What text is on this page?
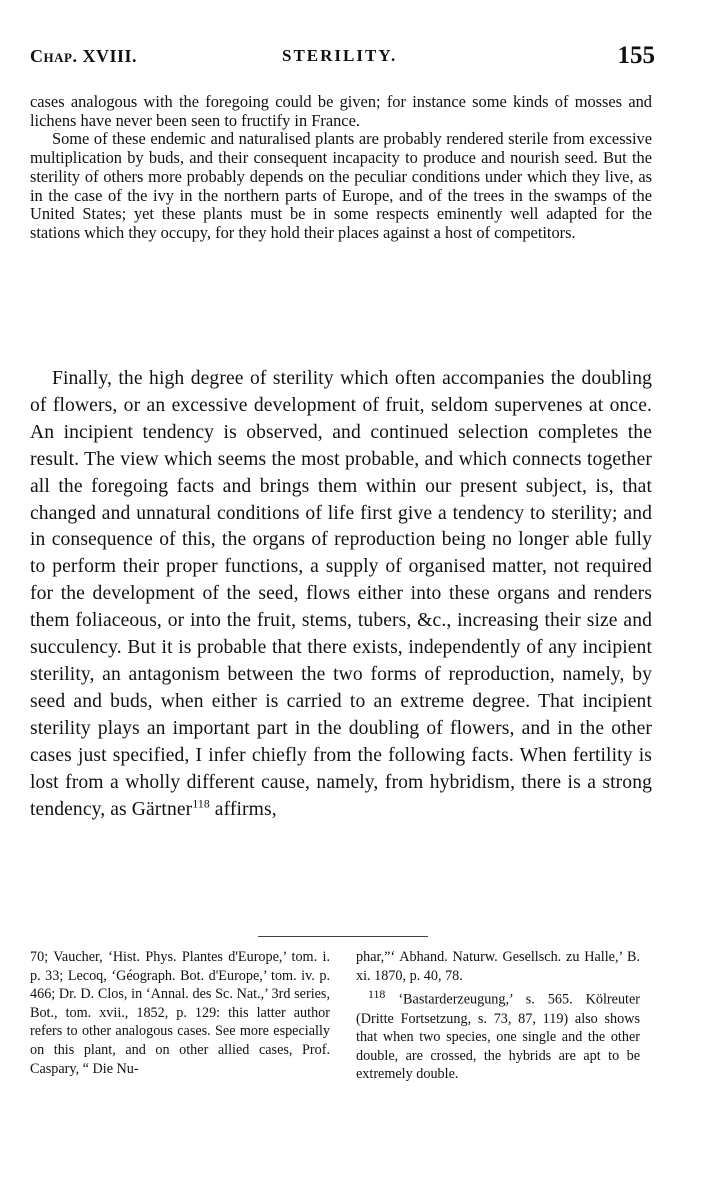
Chap. XVIII.	STERILITY.	155

cases analogous with the foregoing could be given; for instance some kinds of mosses and lichens have never been seen to fructify in France.

Some of these endemic and naturalised plants are probably rendered sterile from excessive multiplication by buds, and their consequent incapacity to produce and nourish seed. But the sterility of others more probably depends on the peculiar conditions under which they live, as in the case of the ivy in the northern parts of Europe, and of the trees in the swamps of the United States; yet these plants must be in some respects eminently well adapted for the stations which they occupy, for they hold their places against a host of competitors.

Finally, the high degree of sterility which often accompanies the doubling of flowers, or an excessive development of fruit, seldom supervenes at once. An incipient tendency is observed, and continued selection completes the result. The view which seems the most probable, and which connects together all the foregoing facts and brings them within our present subject, is, that changed and unnatural conditions of life first give a tendency to sterility; and in consequence of this, the organs of reproduction being no longer able fully to perform their proper functions, a supply of organised matter, not required for the development of the seed, flows either into these organs and renders them foliaceous, or into the fruit, stems, tubers, &c., increasing their size and succulency. But it is probable that there exists, independently of any incipient sterility, an antagonism between the two forms of reproduction, namely, by seed and buds, when either is carried to an extreme degree. That incipient sterility plays an important part in the doubling of flowers, and in the other cases just specified, I infer chiefly from the following facts. When fertility is lost from a wholly different cause, namely, from hybridism, there is a strong tendency, as Gärtner$^{118}$ affirms,

70; Vaucher, ‘Hist. Phys. Plantes d'Europe,’ tom. i. p. 33; Lecoq, ‘Géograph. Bot. d'Europe,’ tom. iv. p. 466; Dr. D. Clos, in ‘Annal. des Sc. Nat.,’ 3rd series, Bot., tom. xvii., 1852, p. 129: this latter author refers to other analogous cases. See more especially on this plant, and on other allied cases, Prof. Caspary, “ Die Nu-

phar,”‘ Abhand. Naturw. Gesellsch. zu Halle,’ B. xi. 1870, p. 40, 78.

$^{118}$ ‘Bastarderzeugung,’ s. 565. Kölreuter (Dritte Fortsetzung, s. 73, 87, 119) also shows that when two species, one single and the other double, are crossed, the hybrids are apt to be extremely double.
